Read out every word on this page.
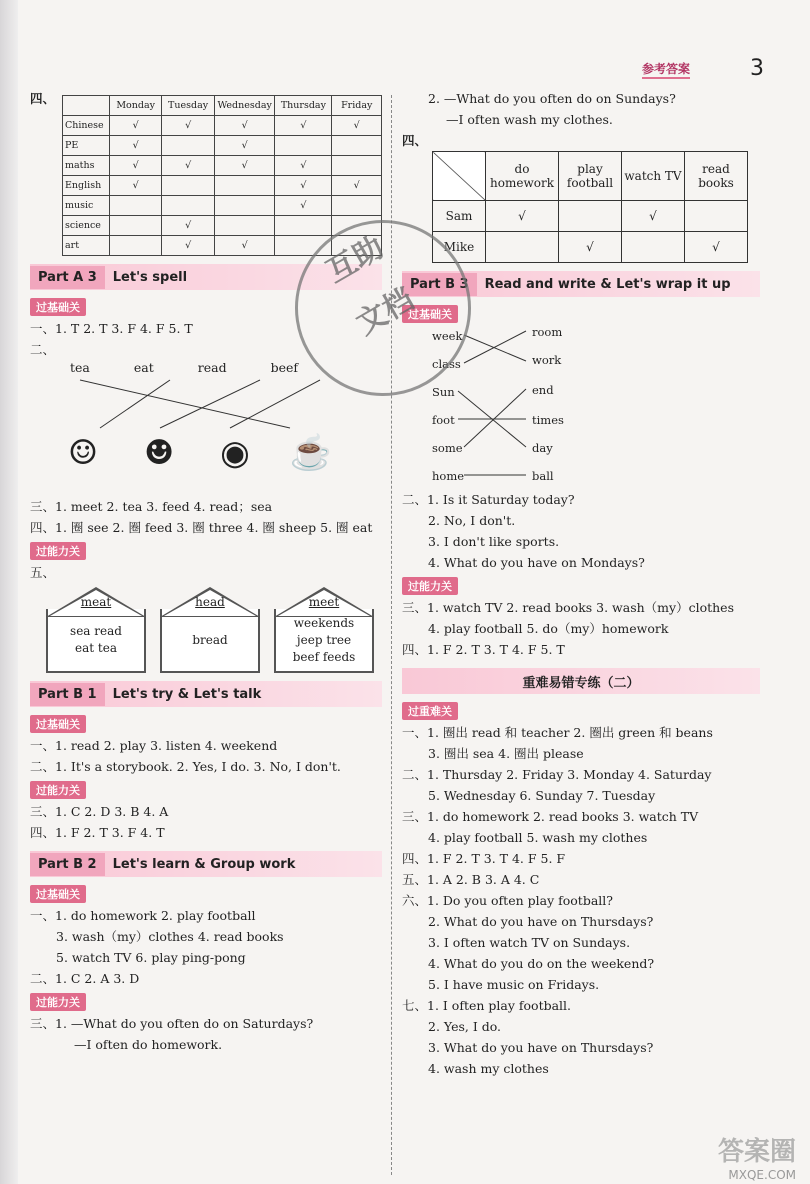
参考答案	3
四、
		Monday	Tuesday	Wednesday	Thursday	Friday
Chinese	√	√	√	√	√
PE	√		√		
maths	√	√	√	√	
English	√			√	√
music				√	
science		√			
art		√	√		
Part A 3	Let's spell
过基础关
一、1. T 2. T 3. F 4. F 5. T
二、
tea	eat	read	beef
☺ ☻ ◉ ☕
三、1. meet 2. tea 3. feed 4. read；sea
四、1. 圈 see 2. 圈 feed 3. 圈 three 4. 圈 sheep 5. 圈 eat
过能力关
五、
meat
sea read
eat tea
head
bread
meet
weekends
jeep tree
beef feeds
Part B 1	Let's try & Let's talk
过基础关
一、1. read 2. play 3. listen 4. weekend
二、1. It's a storybook. 2. Yes, I do. 3. No, I don't.
过能力关
三、1. C 2. D 3. B 4. A
四、1. F 2. T 3. F 4. T
Part B 2	Let's learn & Group work
过基础关
一、1. do homework 2. play football
3. wash（my）clothes 4. read books
5. watch TV 6. play ping-pong
二、1. C 2. A 3. D
过能力关
三、1. —What do you often do on Saturdays?
—I often do homework.
2. —What do you often do on Sundays?
—I often wash my clothes.
四、
	do homework	play football	watch TV	read books
Sam	√		√	
Mike		√		√
Part B 3	Read and write & Let's wrap it up
过基础关
week
class
Sun
foot
some
home
room
work
end
times
day
ball
二、1. Is it Saturday today?
2. No, I don't.
3. I don't like sports.
4. What do you have on Mondays?
过能力关
三、1. watch TV 2. read books 3. wash（my）clothes
4. play football 5. do（my）homework
四、1. F 2. T 3. T 4. F 5. T
重难易错专练（二）
过重难关
一、1. 圈出 read 和 teacher 2. 圈出 green 和 beans
3. 圈出 sea 4. 圈出 please
二、1. Thursday 2. Friday 3. Monday 4. Saturday
5. Wednesday 6. Sunday 7. Tuesday
三、1. do homework 2. read books 3. watch TV
4. play football 5. wash my clothes
四、1. F 2. T 3. T 4. F 5. F
五、1. A 2. B 3. A 4. C
六、1. Do you often play football?
2. What do you have on Thursdays?
3. I often watch TV on Sundays.
4. What do you do on the weekend?
5. I have music on Fridays.
七、1. I often play football.
2. Yes, I do.
3. What do you have on Thursdays?
4. wash my clothes
互助
文档
答案圈
MXQE.COM
